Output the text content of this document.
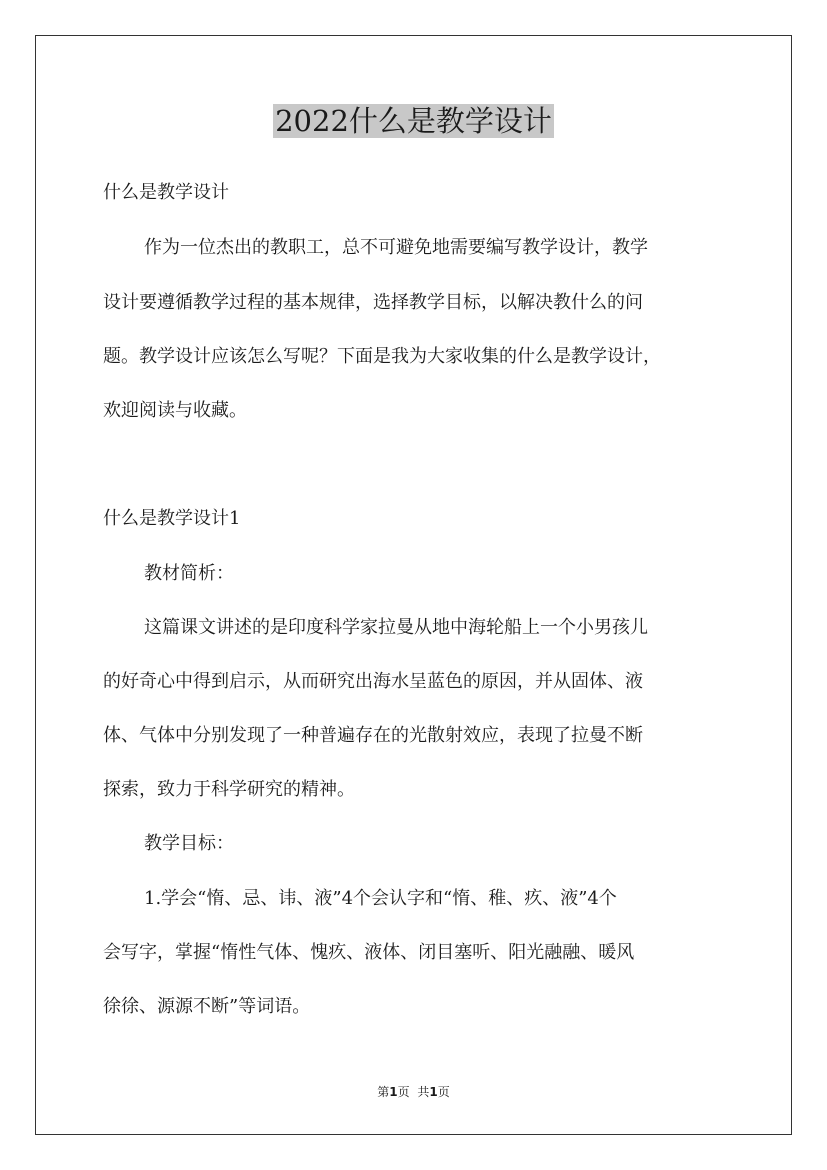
2022什么是教学设计
什么是教学设计
作为一位杰出的教职工，总不可避免地需要编写教学设计，教学
设计要遵循教学过程的基本规律，选择教学目标，以解决教什么的问
题。教学设计应该怎么写呢？下面是我为大家收集的什么是教学设计，
欢迎阅读与收藏。
什么是教学设计1
教材简析：
这篇课文讲述的是印度科学家拉曼从地中海轮船上一个小男孩儿
的好奇心中得到启示，从而研究出海水呈蓝色的原因，并从固体、液
体、气体中分别发现了一种普遍存在的光散射效应，表现了拉曼不断
探索，致力于科学研究的精神。
教学目标：
1.学会“惰、忌、讳、液”4个会认字和“惰、稚、疚、液”4个
会写字，掌握“惰性气体、愧疚、液体、闭目塞听、阳光融融、暖风
徐徐、源源不断”等词语。
第1页 共1页
